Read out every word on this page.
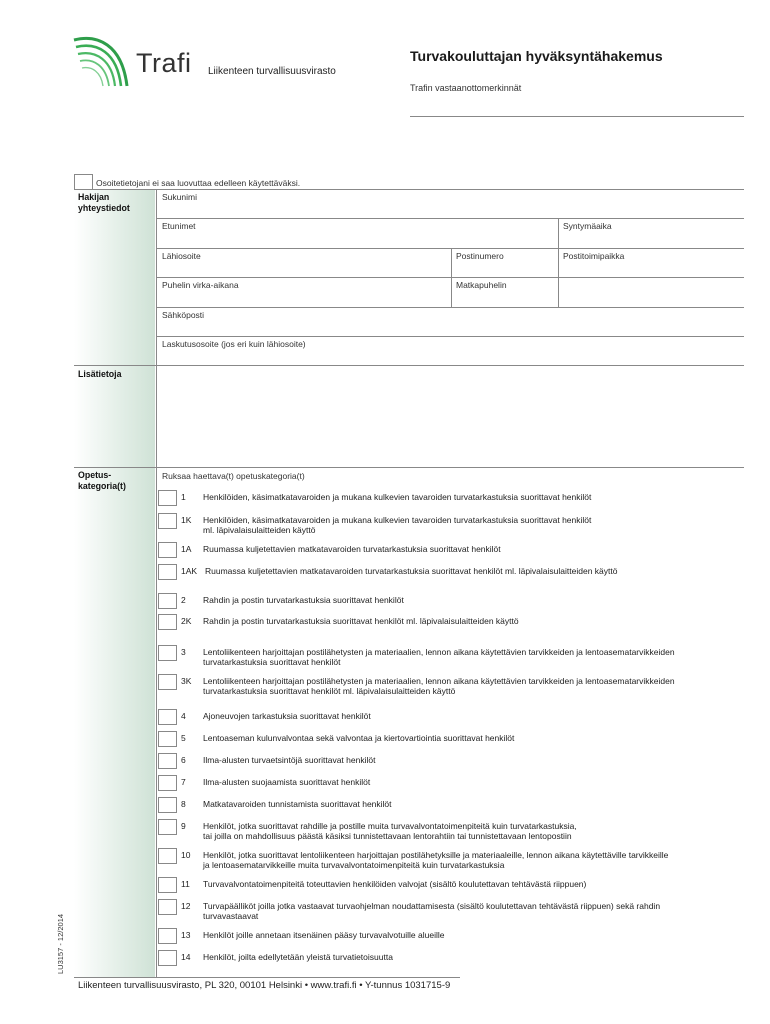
Trafi Liikenteen turvallisuusvirasto
Turvakouluttajan hyväksyntähakemus
Trafin vastaanottomerkinnät
Osoitetietojani ei saa luovuttaa edelleen käytettäväksi.
Hakijan
yhteystiedot
Sukunimi
Etunimet	Syntymäaika
Lähiosoite	Postinumero	Postitoimipaikka
Puhelin virka-aikana	Matkapuhelin
Sähköposti
Laskutusosoite (jos eri kuin lähiosoite)
Lisätietoja
Opetus-
kategoria(t)
Ruksaa haettava(t) opetuskategoria(t)
1 Henkilöiden, käsimatkatavaroiden ja mukana kulkevien tavaroiden turvatarkastuksia suorittavat henkilöt
1K Henkilöiden, käsimatkatavaroiden ja mukana kulkevien tavaroiden turvatarkastuksia suorittavat henkilöt
ml. läpivalaisulaitteiden käyttö
1A Ruumassa kuljetettavien matkatavaroiden turvatarkastuksia suorittavat henkilöt
1AK Ruumassa kuljetettavien matkatavaroiden turvatarkastuksia suorittavat henkilöt ml. läpivalaisulaitteiden käyttö
2 Rahdin ja postin turvatarkastuksia suorittavat henkilöt
2K Rahdin ja postin turvatarkastuksia suorittavat henkilöt ml. läpivalaisulaitteiden käyttö
3 Lentoliikenteen harjoittajan postilähetysten ja materiaalien, lennon aikana käytettävien tarvikkeiden ja lentoasematarvikkeiden
turvatarkastuksia suorittavat henkilöt
3K Lentoliikenteen harjoittajan postilähetysten ja materiaalien, lennon aikana käytettävien tarvikkeiden ja lentoasematarvikkeiden
turvatarkastuksia suorittavat henkilöt ml. läpivalaisulaitteiden käyttö
4 Ajoneuvojen tarkastuksia suorittavat henkilöt
5 Lentoaseman kulunvalvontaa sekä valvontaa ja kiertovartiointia suorittavat henkilöt
6 Ilma-alusten turvaetsintöjä suorittavat henkilöt
7 Ilma-alusten suojaamista suorittavat henkilöt
8 Matkatavaroiden tunnistamista suorittavat henkilöt
9 Henkilöt, jotka suorittavat rahdille ja postille muita turvavalvontatoimenpiteitä kuin turvatarkastuksia,
tai joilla on mahdollisuus päästä käsiksi tunnistettavaan lentorahtiin tai tunnistettavaan lentopostiin
10 Henkilöt, jotka suorittavat lentoliikenteen harjoittajan postilähetyksille ja materiaaleille, lennon aikana käytettäville tarvikkeille
ja lentoasematarvikkeille muita turvavalvontatoimenpiteitä kuin turvatarkastuksia
11 Turvavalvontatoimenpiteitä toteuttavien henkilöiden valvojat (sisältö koulutettavan tehtävästä riippuen)
12 Turvapäälliköt joilla jotka vastaavat turvaohjelman noudattamisesta (sisältö koulutettavan tehtävästä riippuen) sekä rahdin
turvavastaavat
13 Henkilöt joille annetaan itsenäinen pääsy turvavalvotuille alueille
14 Henkilöt, joilta edellytetään yleistä turvatietoisuutta
LU3157 - 12/2014
Liikenteen turvallisuusvirasto, PL 320, 00101 Helsinki • www.trafi.fi • Y-tunnus 1031715-9
